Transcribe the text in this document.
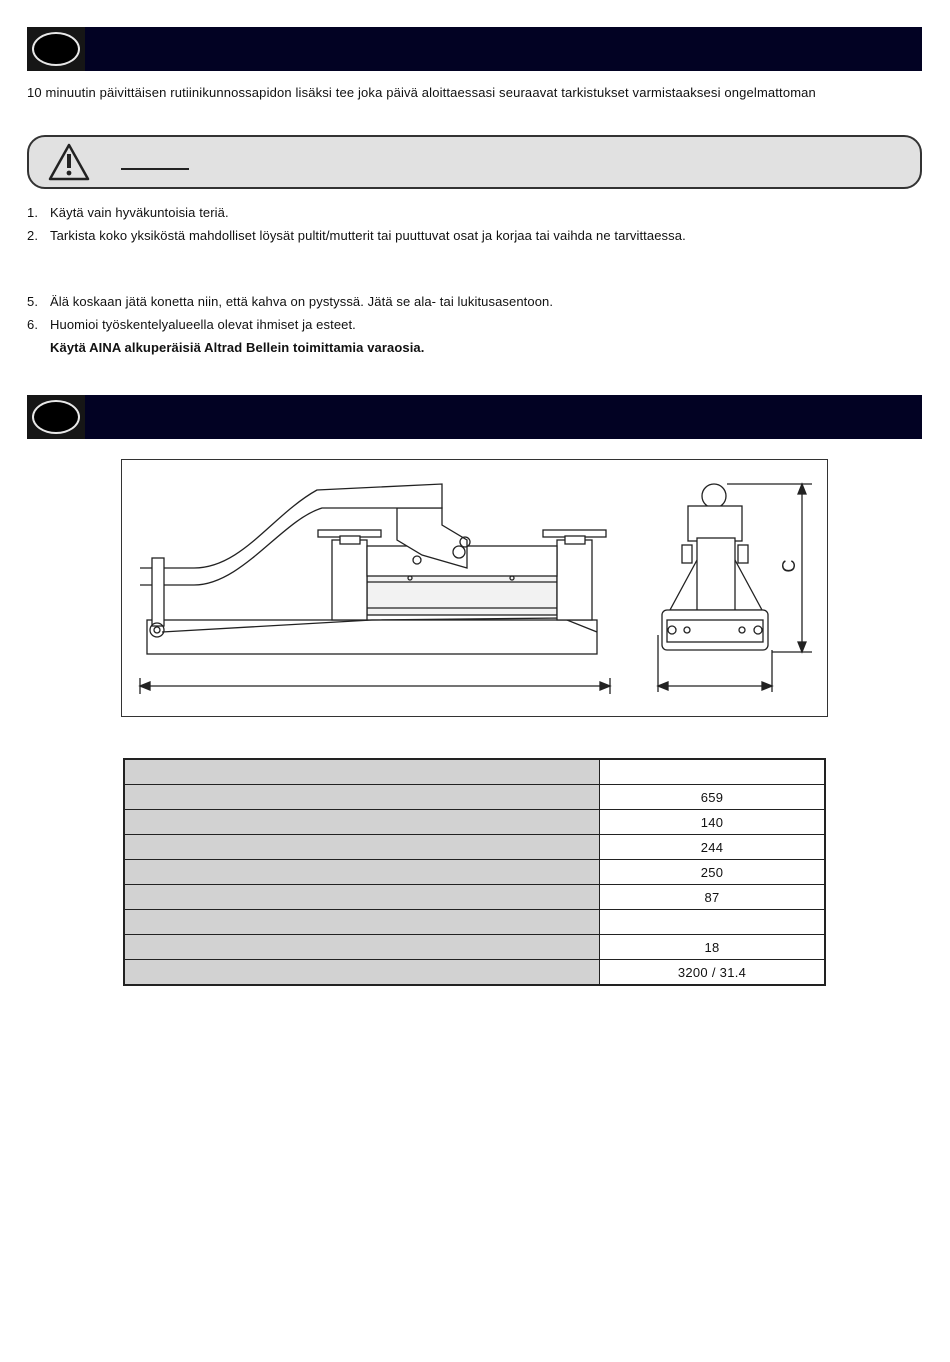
10 minuutin päivittäisen rutiinikunnossapidon lisäksi tee joka päivä aloittaessasi seuraavat tarkistukset varmistaaksesi ongelmattoman
1. Käytä vain hyväkuntoisia teriä.
2. Tarkista koko yksiköstä mahdolliset löysät pultit/mutterit tai puuttuvat osat ja korjaa tai vaihda ne tarvittaessa.
5. Älä koskaan jätä konetta niin, että kahva on pystyssä. Jätä se ala- tai lukitusasentoon.
6. Huomioi työskentelyalueella olevat ihmiset ja esteet.
Käytä AINA alkuperäisiä Altrad Bellein toimittamia varaosia.
C

	659
	140
	244
	250
	87

	18
	3200 / 31.4
